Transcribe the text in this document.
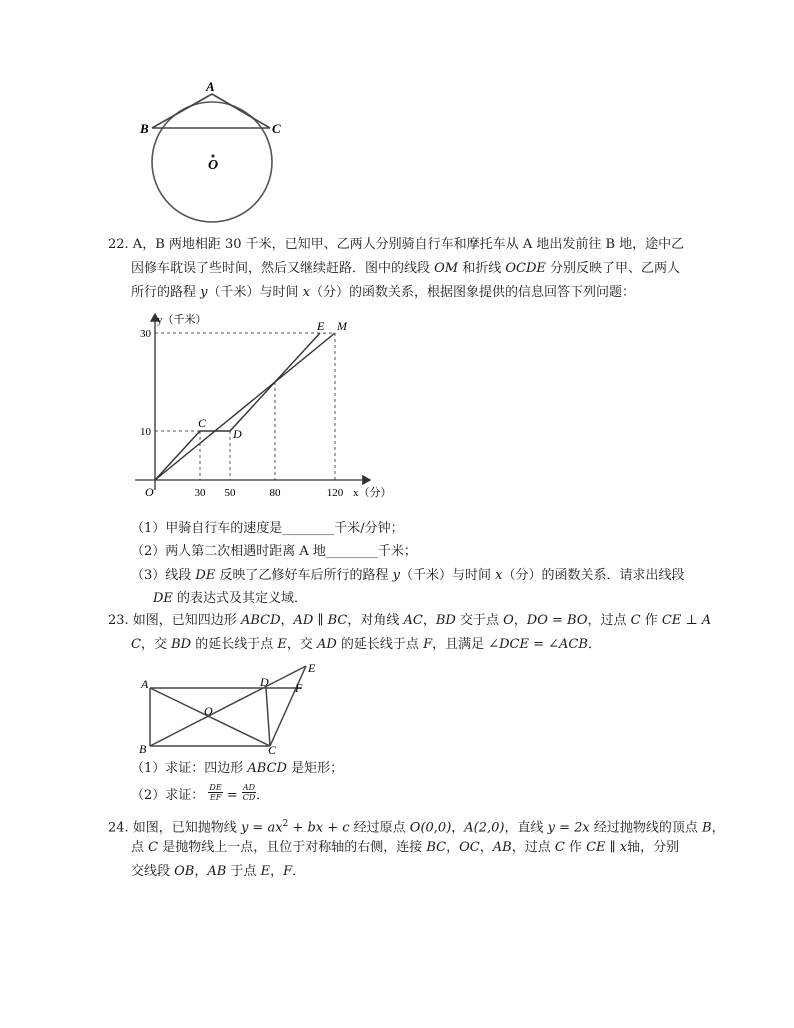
A
B	C
O
22. A，B 两地相距 30 千米，已知甲、乙两人分别骑自行车和摩托车从 A 地出发前往 B 地，途中乙
因修车耽误了些时间，然后又继续赶路．图中的线段 OM 和折线 OCDE 分别反映了甲、乙两人
所行的路程 y（千米）与时间 x（分）的函数关系，根据图象提供的信息回答下列问题：
30 50	80	120
10
30
y（千米）
x（分）
O
C
D
E M
（1）甲骑自行车的速度是________千米/分钟；
（2）两人第二次相遇时距离 A 地________千米；
（3）线段 DE 反映了乙修好车后所行的路程 y（千米）与时间 x（分）的函数关系．请求出线段
DE 的表达式及其定义域．
23. 如图，已知四边形 ABCD，AD ∥ BC，对角线 AC，BD 交于点 O，DO = BO，过点 C 作 CE ⊥ A
C，交 BD 的延长线于点 E，交 AD 的延长线于点 F，且满足 ∠DCE = ∠ACB．
A
B	C
D
E
F
O
（1）求证：四边形 ABCD 是矩形；
（2）求证： $\frac{DE}{EF} = \frac{AD}{CD}$ ．
24. 如图，已知抛物线 $y = ax^2$ + bx + c 经过原点 O(0,0)，A(2,0)，直线 y = 2x 经过抛物线的顶点 B，
点 C 是抛物线上一点，且位于对称轴的右侧，连接 BC，OC，AB，过点 C 作 CE ∥ x轴，分别
交线段 OB，AB 于点 E，F．
